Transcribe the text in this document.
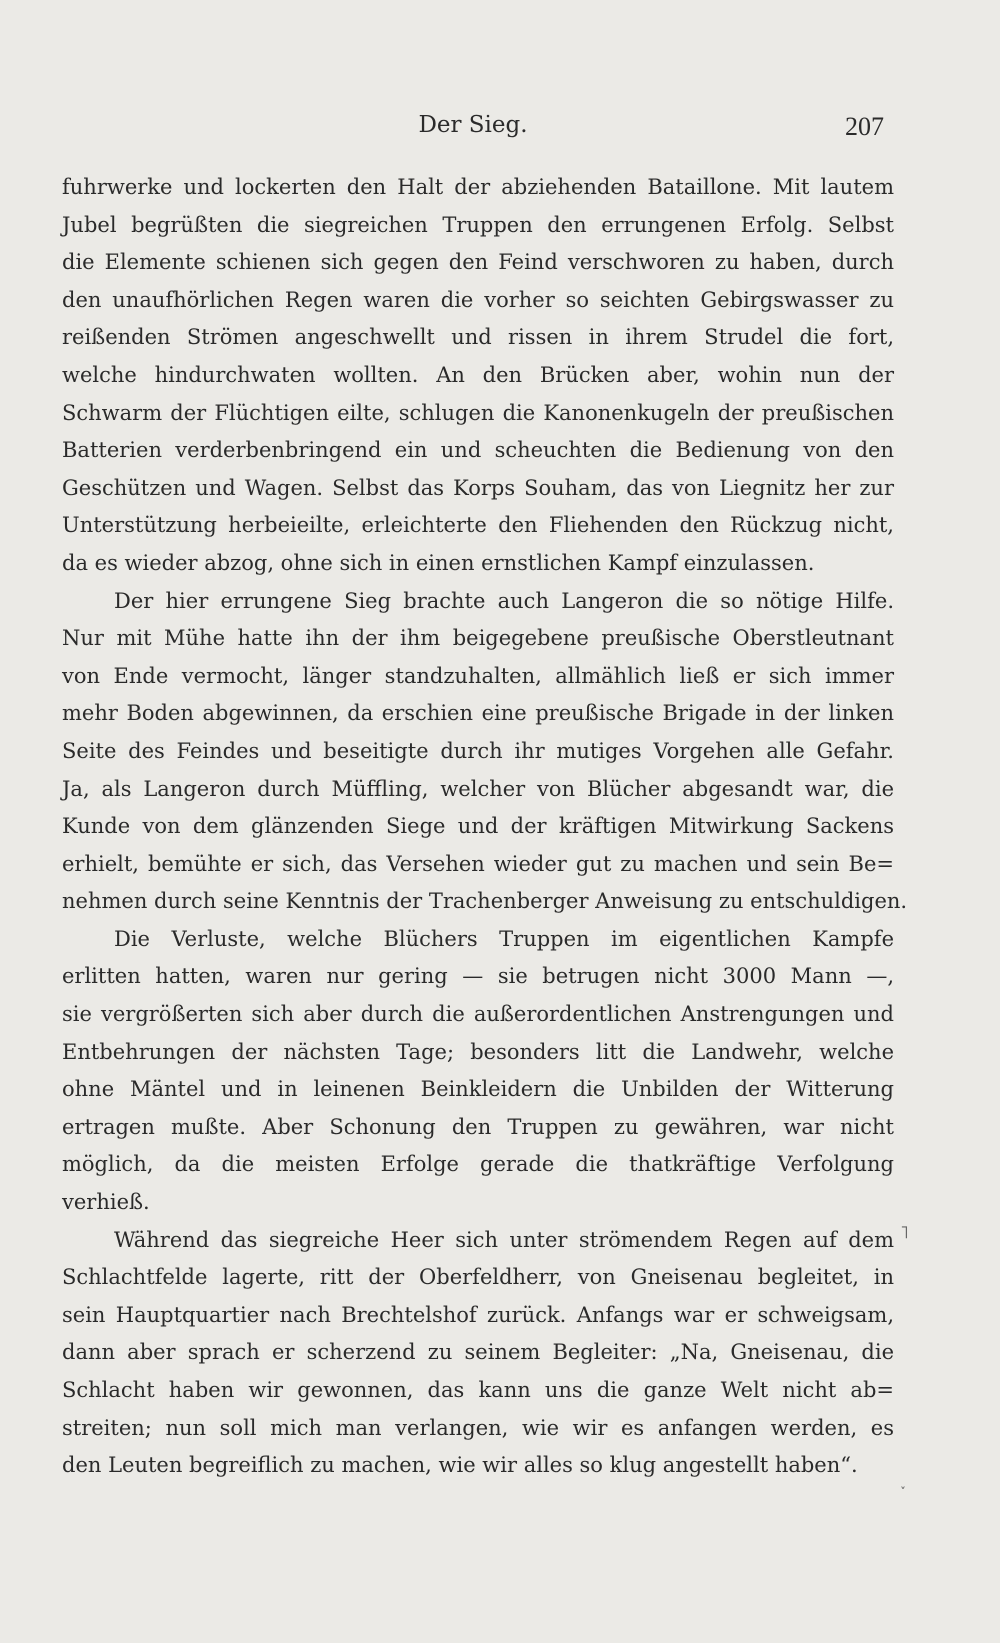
Der Sieg.	207
fuhrwerke und lockerten den Halt der abziehenden Bataillone. Mit lautem
Jubel begrüßten die siegreichen Truppen den errungenen Erfolg. Selbst
die Elemente schienen sich gegen den Feind verschworen zu haben, durch
den unaufhörlichen Regen waren die vorher so seichten Gebirgswasser zu
reißenden Strömen angeschwellt und rissen in ihrem Strudel die fort,
welche hindurchwaten wollten. An den Brücken aber, wohin nun der
Schwarm der Flüchtigen eilte, schlugen die Kanonenkugeln der preußischen
Batterien verderbenbringend ein und scheuchten die Bedienung von den
Geschützen und Wagen. Selbst das Korps Souham, das von Liegnitz her zur
Unterstützung herbeieilte, erleichterte den Fliehenden den Rückzug nicht,
da es wieder abzog, ohne sich in einen ernstlichen Kampf einzulassen.
Der hier errungene Sieg brachte auch Langeron die so nötige Hilfe.
Nur mit Mühe hatte ihn der ihm beigegebene preußische Oberstleutnant
von Ende vermocht, länger standzuhalten, allmählich ließ er sich immer
mehr Boden abgewinnen, da erschien eine preußische Brigade in der linken
Seite des Feindes und beseitigte durch ihr mutiges Vorgehen alle Gefahr.
Ja, als Langeron durch Müffling, welcher von Blücher abgesandt war, die
Kunde von dem glänzenden Siege und der kräftigen Mitwirkung Sackens
erhielt, bemühte er sich, das Versehen wieder gut zu machen und sein Be=
nehmen durch seine Kenntnis der Trachenberger Anweisung zu entschuldigen.
Die Verluste, welche Blüchers Truppen im eigentlichen Kampfe
erlitten hatten, waren nur gering — sie betrugen nicht 3000 Mann —,
sie vergrößerten sich aber durch die außerordentlichen Anstrengungen und
Entbehrungen der nächsten Tage; besonders litt die Landwehr, welche
ohne Mäntel und in leinenen Beinkleidern die Unbilden der Witterung
ertragen mußte. Aber Schonung den Truppen zu gewähren, war nicht
möglich, da die meisten Erfolge gerade die thatkräftige Verfolgung
verhieß.
Während das siegreiche Heer sich unter strömendem Regen auf dem
Schlachtfelde lagerte, ritt der Oberfeldherr, von Gneisenau begleitet, in
sein Hauptquartier nach Brechtelshof zurück. Anfangs war er schweigsam,
dann aber sprach er scherzend zu seinem Begleiter: „Na, Gneisenau, die
Schlacht haben wir gewonnen, das kann uns die ganze Welt nicht ab=
streiten; nun soll mich man verlangen, wie wir es anfangen werden, es
den Leuten begreiflich zu machen, wie wir alles so klug angestellt haben“.
˥
˯
